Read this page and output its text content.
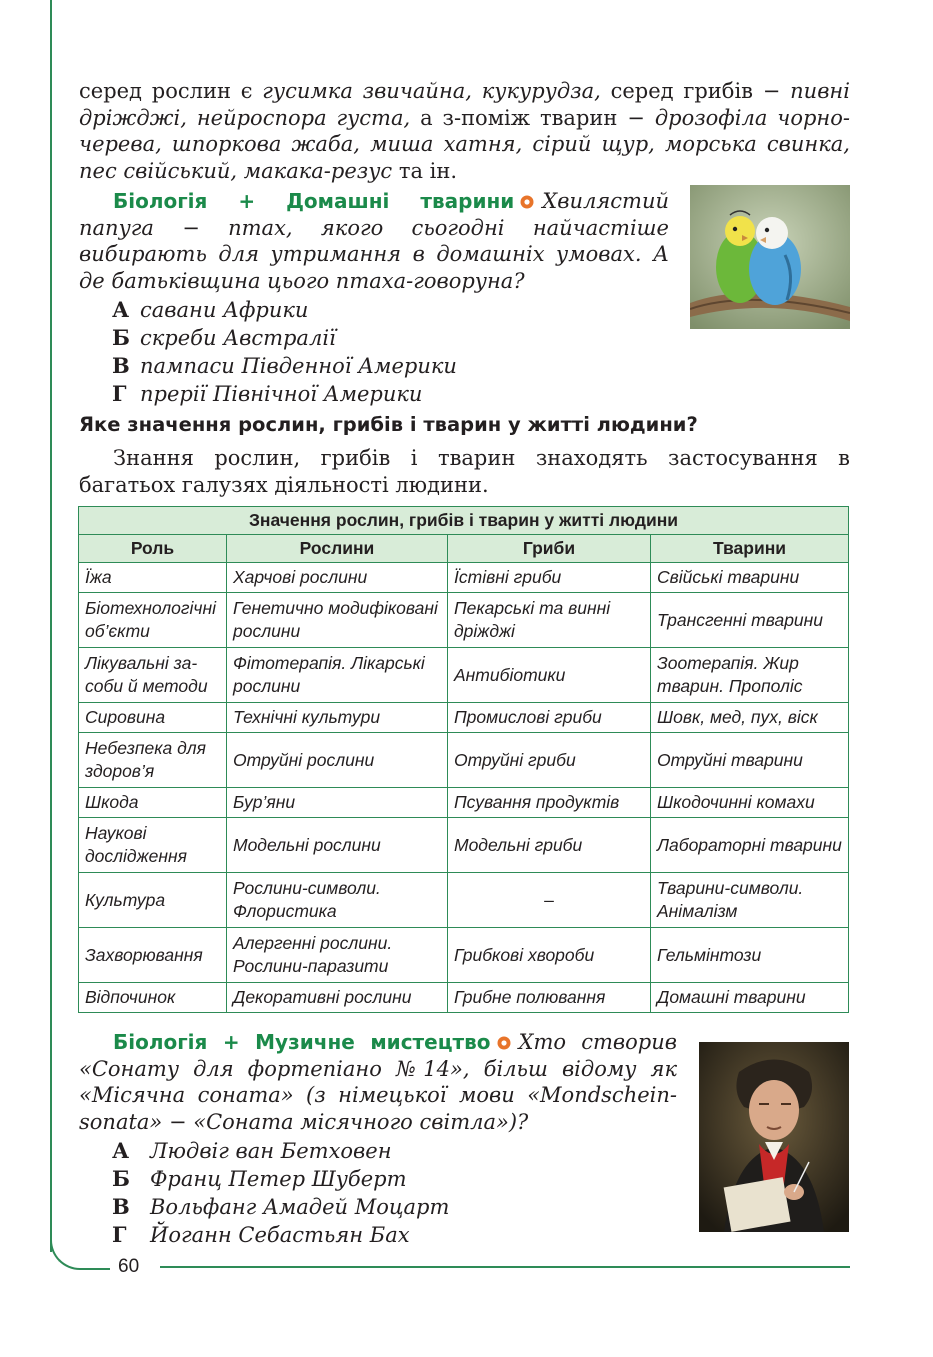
60
серед рослин є гусимка звичайна, кукурудза, серед грибів − пивні дріжджі, нейроспора густа, а з-поміж тварин − дрозофіла чорночерева, шпоркова жаба, миша хатня, сірий щур, морська свинка, пес свійський, макака-резус та ін.
Біологія + Домашні тварини Хвилястий папуга − птах, якого сьогодні найчастіше вибирають для утримання в домашніх умовах. А де батьківщина цього птаха-говоруна?
А савани Африки
Б скреби Австралії
В пампаси Південної Америки
Г прерії Північної Америки
Яке значення рослин, грибів і тварин у житті людини?
Знання рослин, грибів і тварин знаходять застосування в багатьох галузях діяльності людини.
Значення рослин, грибів і тварин у житті людини			
Роль	Рослини	Гриби	Тварини
Їжа	Харчові рослини	Їстівні гриби	Свійські тварини
Біотехнологічні об’єкти	Генетично модифіковані рослини	Пекарські та винні дріжджі	Трансгенні тварини
Лікувальні засоби й методи	Фітотерапія. Лікарські рослини	Антибіотики	Зоотерапія. Жир тварин. Прополіс
Сировина	Технічні культури	Промислові гриби	Шовк, мед, пух, віск
Небезпека для здоров’я	Отруйні рослини	Отруйні гриби	Отруйні тварини
Шкода	Бур’яни	Псування продуктів	Шкодочинні комахи
Наукові дослідження	Модельні рослини	Модельні гриби	Лабораторні тварини
Культура	Рослини-символи. Флористика	–	Тварини-символи. Анімалізм
Захворювання	Алергенні рослини. Рослини-паразити	Грибкові хвороби	Гельмінтози
Відпочинок	Декоративні рослини	Грибне полювання	Домашні тварини
Біологія + Музичне мистецтво Хто створив «Сонату для фортепіано №14», більш відому як «Місячна соната» (з німецької мови «Mondscheinsonata» − «Соната місячного світла»)?
А Людвіг ван Бетховен
Б Франц Петер Шуберт
В Вольфанг Амадей Моцарт
Г Йоганн Себастьян Бах
